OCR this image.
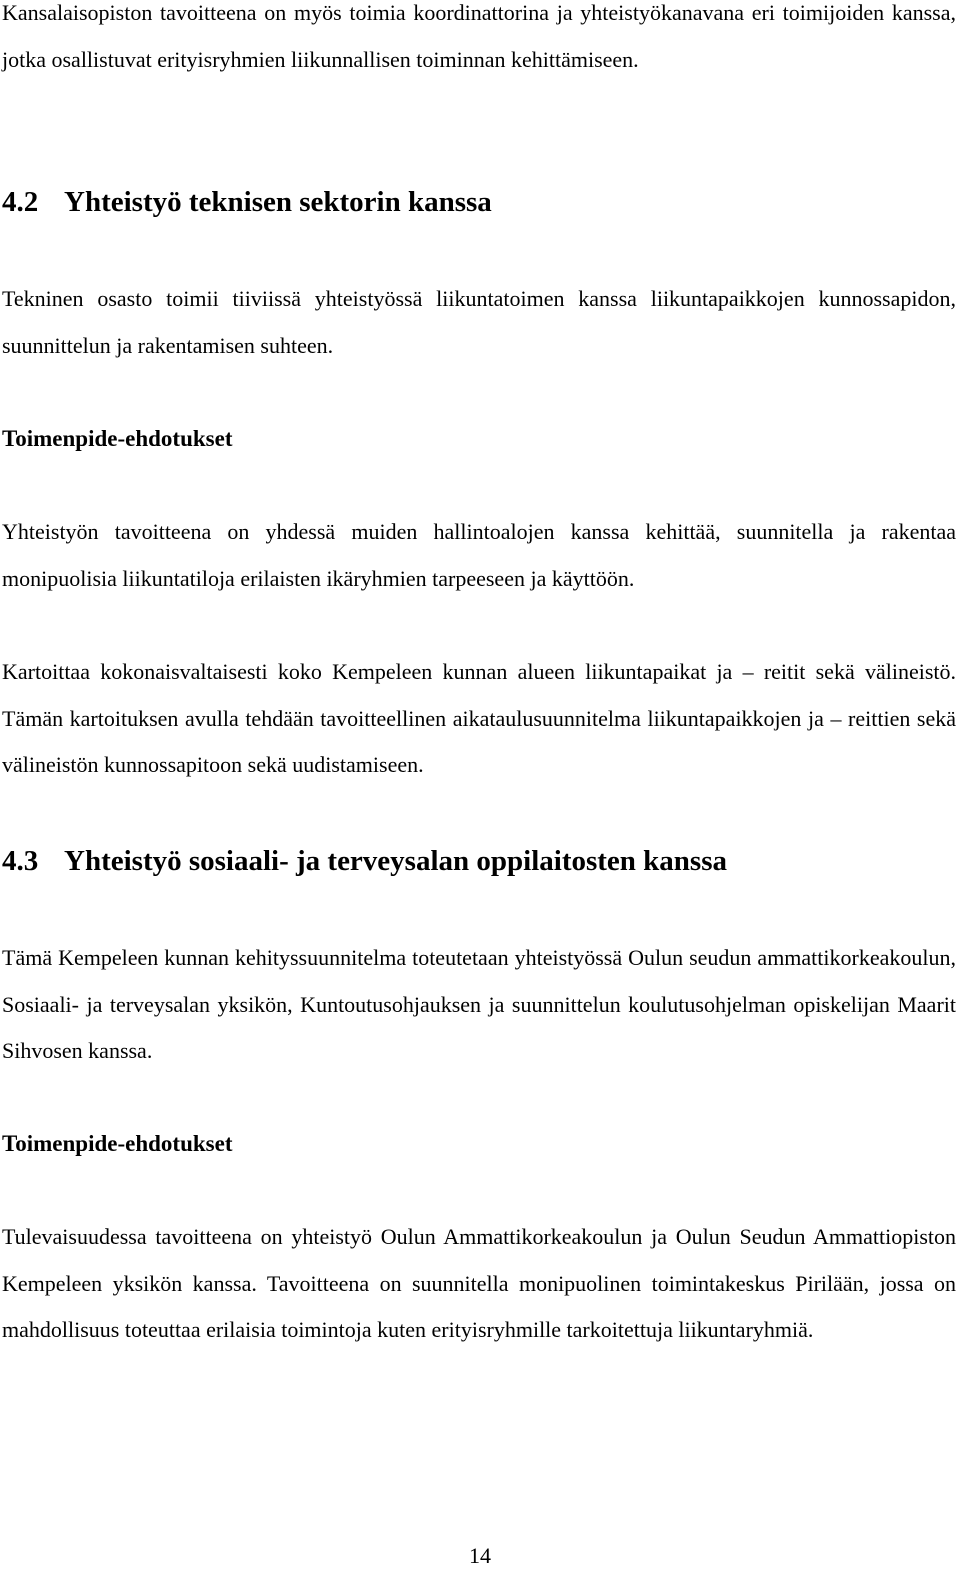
Kansalaisopiston tavoitteena on myös toimia koordinattorina ja yhteistyökanavana eri toimijoiden kanssa, jotka osallistuvat erityisryhmien liikunnallisen toiminnan kehittämiseen.

4.2 Yhteistyö teknisen sektorin kanssa

Tekninen osasto toimii tiiviissä yhteistyössä liikuntatoimen kanssa liikuntapaikkojen kunnossapidon, suunnittelun ja rakentamisen suhteen.

Toimenpide-ehdotukset

Yhteistyön tavoitteena on yhdessä muiden hallintoalojen kanssa kehittää, suunnitella ja rakentaa monipuolisia liikuntatiloja erilaisten ikäryhmien tarpeeseen ja käyttöön.

Kartoittaa kokonaisvaltaisesti koko Kempeleen kunnan alueen liikuntapaikat ja – reitit sekä välineistö. Tämän kartoituksen avulla tehdään tavoitteellinen aikataulusuunnitelma liikuntapaikkojen ja – reittien sekä välineistön kunnossapitoon sekä uudistamiseen.

4.3 Yhteistyö sosiaali- ja terveysalan oppilaitosten kanssa

Tämä Kempeleen kunnan kehityssuunnitelma toteutetaan yhteistyössä Oulun seudun ammattikorkeakoulun, Sosiaali- ja terveysalan yksikön, Kuntoutusohjauksen ja suunnittelun koulutusohjelman opiskelijan Maarit Sihvosen kanssa.

Toimenpide-ehdotukset

Tulevaisuudessa tavoitteena on yhteistyö Oulun Ammattikorkeakoulun ja Oulun Seudun Ammattiopiston Kempeleen yksikön kanssa. Tavoitteena on suunnitella monipuolinen toimintakeskus Pirilään, jossa on mahdollisuus toteuttaa erilaisia toimintoja kuten erityisryhmille tarkoitettuja liikuntaryhmiä.

14
